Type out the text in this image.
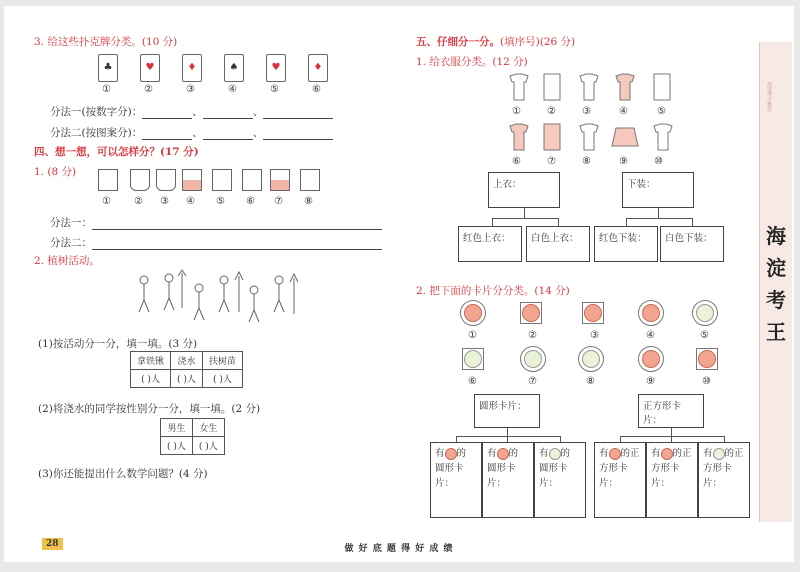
3. 给这些扑克牌分类。(10 分)
♣	♥	♦	♠	♥	♦
①	②	③	④	⑤	⑥
分法一(按数字分)：	、	、
分法二(按图案分)：	、	、
四、想一想，可以怎样分？(17 分)
1. (8 分)
① ② ③ ④ ⑤ ⑥ ⑦ ⑧
分法一：
分法二：
2. 植树活动。
(1)按活动分一分，填一填。(3 分)
拿铁锹	浇水	扶树苗
( )人	( )人	( )人
(2)将浇水的同学按性别分一分，填一填。(2 分)
男生	女生
( )人	( )人
(3)你还能提出什么数学问题？(4 分)
28
五、仔细分一分。(填序号)(26 分)
1. 给衣服分类。(12 分)
①	②	③	④	⑤
⑥	⑦	⑧	⑨	⑩
上衣：	下装：
红色上衣：	白色上衣：	红色下装：	白色下装：
2. 把下面的卡片分分类。(14 分)
①	②	③	④	⑤
⑥	⑦	⑧	⑨	⑩
圆形卡片：	正方形卡片：
有 的
圆形卡片：
有 的
圆形卡片：
有 的
圆形卡片：
有 的正
方形卡片：
有 的正
方形卡片：
有 的正
方形卡片：
海淀考王数学
海
淀
考
王
做 好 底 题 得 好 成 绩
